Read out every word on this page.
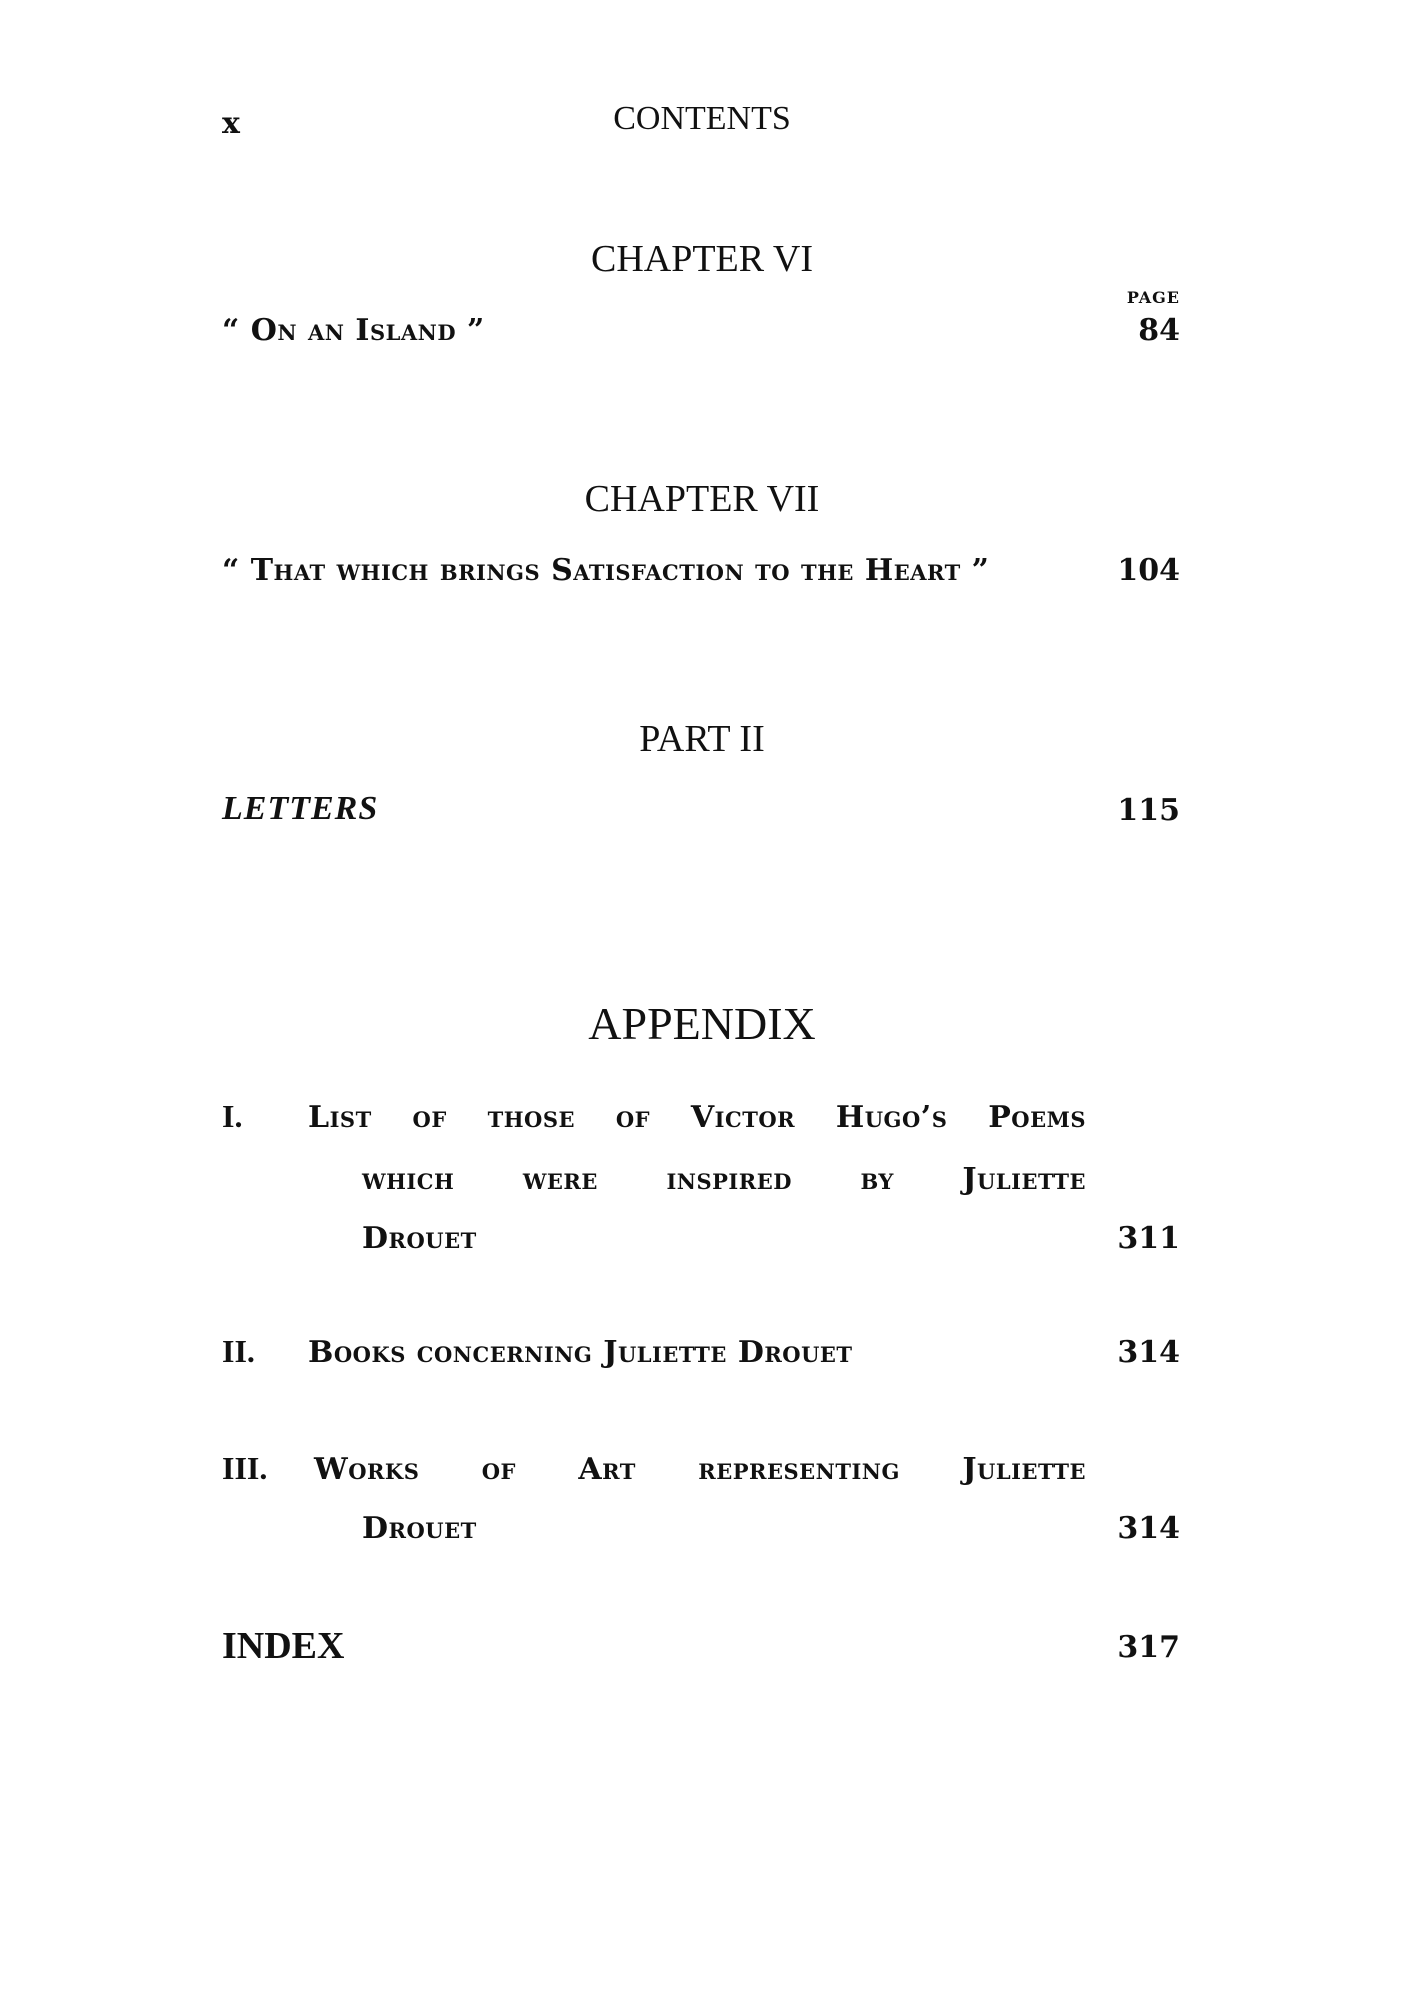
x	CONTENTS
CHAPTER VI
PAGE
“ On an Island ”	84
CHAPTER VII
“ That which brings Satisfaction to the Heart ”	104
PART II
LETTERS	115
APPENDIX
I. List of those of Victor Hugo’s Poems
which were inspired by Juliette
Drouet	311
II. Books concerning Juliette Drouet	314
III. Works of Art representing Juliette
Drouet	314
INDEX	317
